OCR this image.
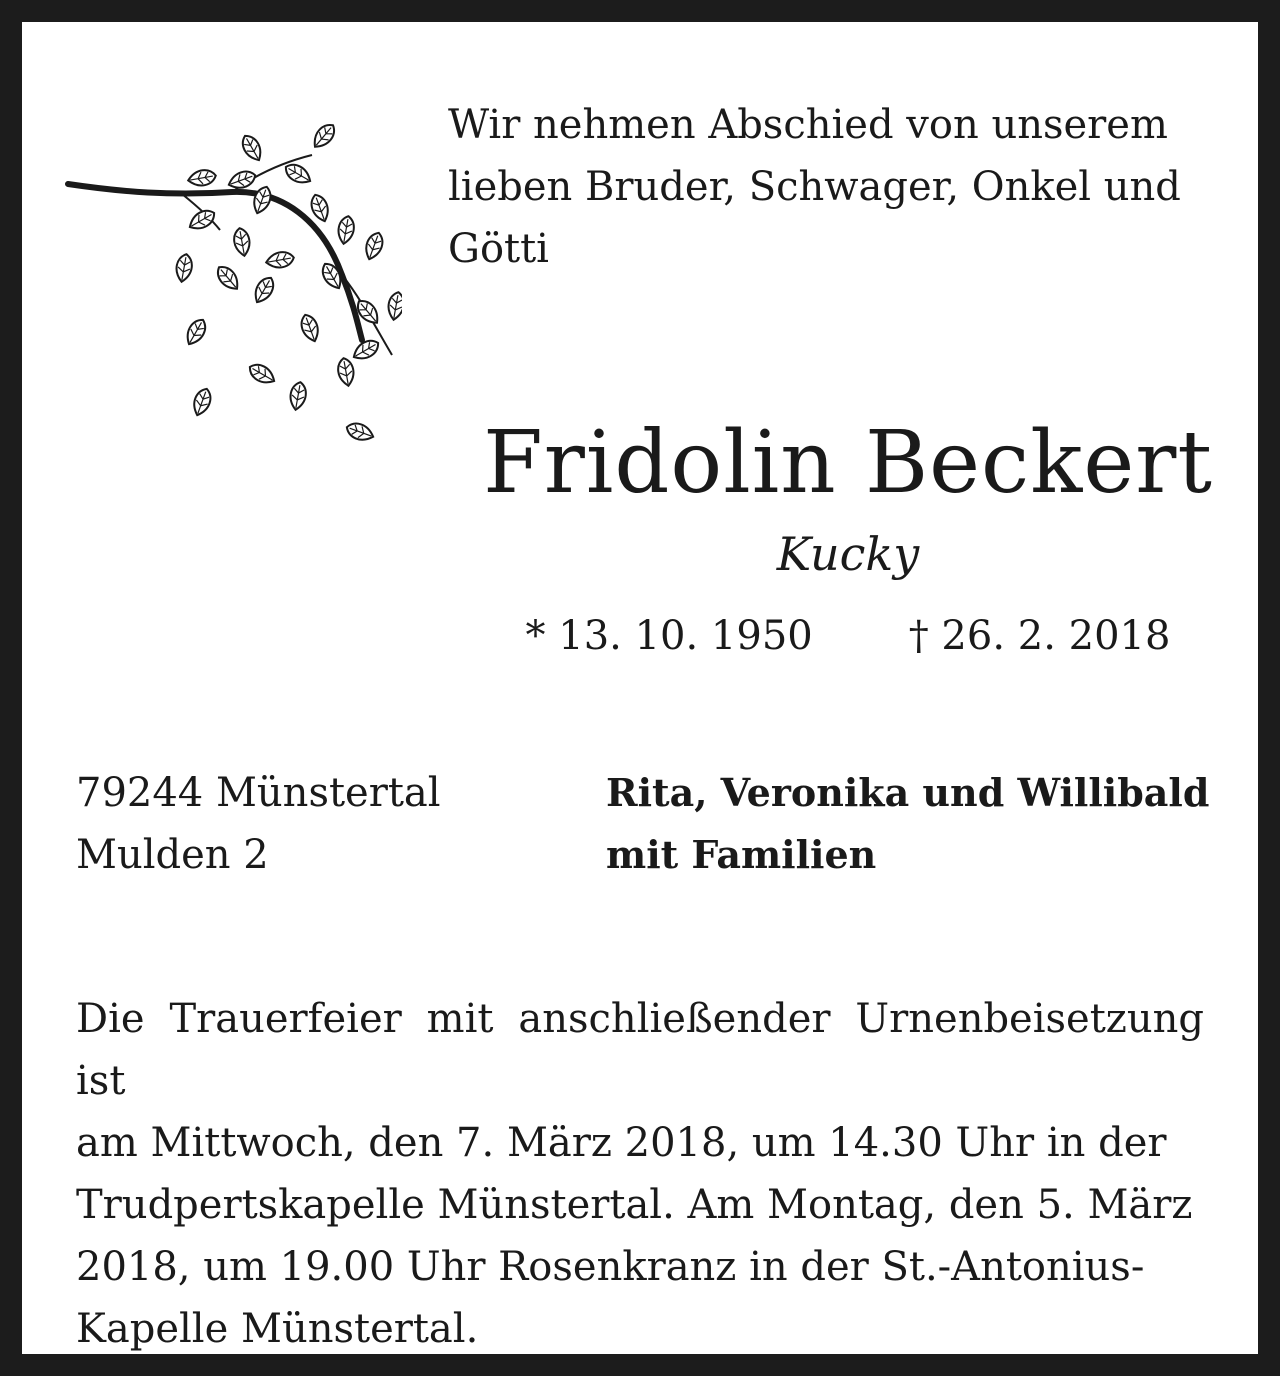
Wir nehmen Abschied von unserem
lieben Bruder, Schwager, Onkel und
Götti

Fridolin Beckert

Kucky

* 13. 10. 1950 † 26. 2. 2018

79244 Münstertal
Mulden 2

Rita, Veronika und Willibald
mit Familien

Die Trauerfeier mit anschließender Urnenbeisetzung ist
am Mittwoch, den 7. März 2018, um 14.30 Uhr in der
Trudpertskapelle Münstertal. Am Montag, den 5. März
2018, um 19.00 Uhr Rosenkranz in der St.-Antonius-
Kapelle Münstertal.
